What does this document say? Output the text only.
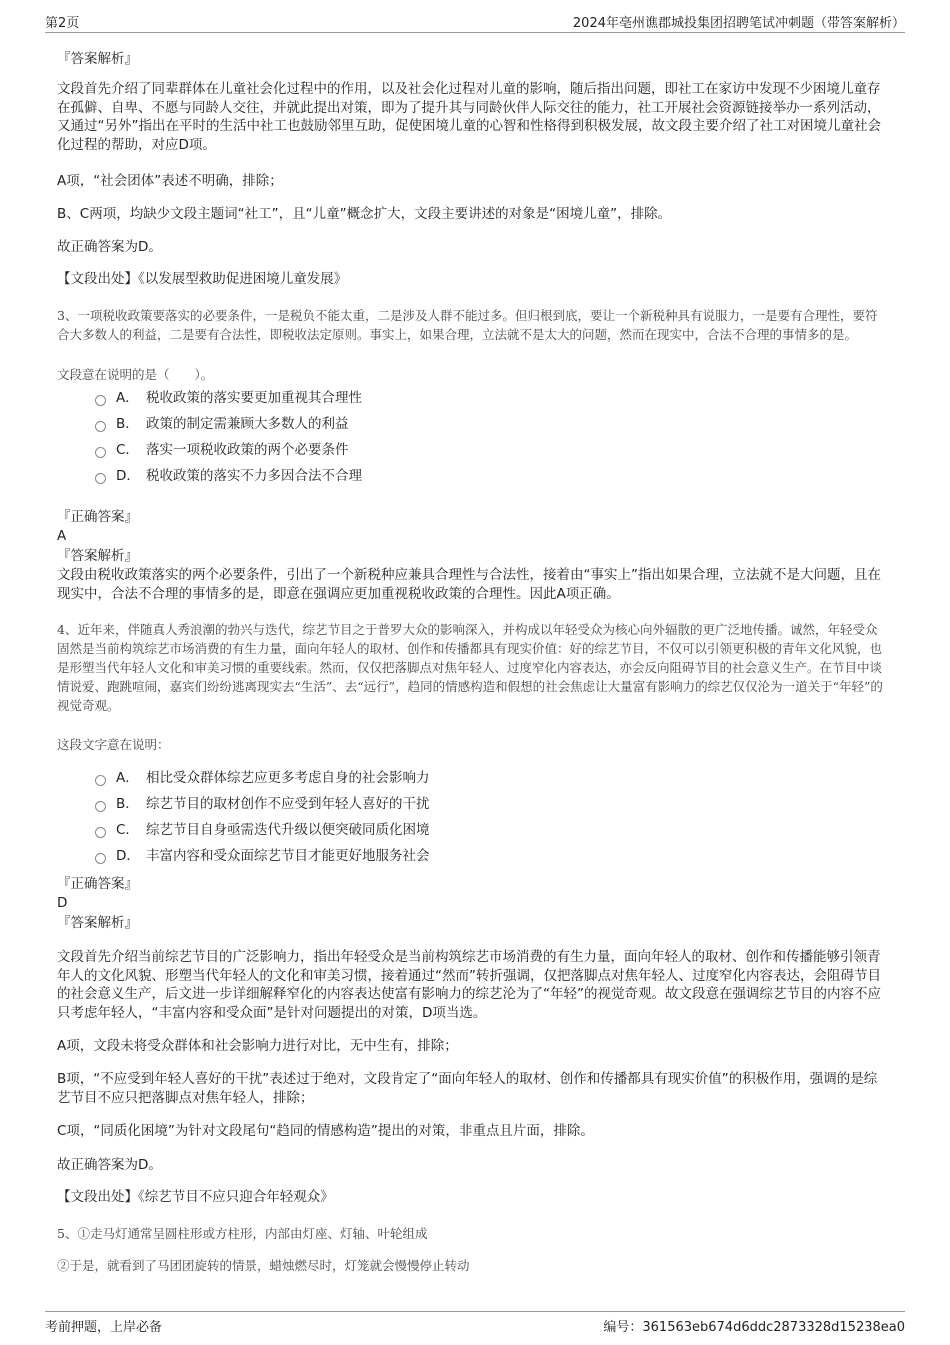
第2页	2024年亳州谯郡城投集团招聘笔试冲刺题（带答案解析）
『答案解析』
文段首先介绍了同辈群体在儿童社会化过程中的作用，以及社会化过程对儿童的影响，随后指出问题，即社工在家访中发现不少困境儿童存在孤僻、自卑、不愿与同龄人交往，并就此提出对策，即为了提升其与同龄伙伴人际交往的能力，社工开展社会资源链接举办一系列活动，又通过“另外”指出在平时的生活中社工也鼓励邻里互助，促使困境儿童的心智和性格得到积极发展，故文段主要介绍了社工对困境儿童社会化过程的帮助，对应D项。
A项，“社会团体”表述不明确，排除；
B、C两项，均缺少文段主题词“社工”，且“儿童”概念扩大，文段主要讲述的对象是“困境儿童”，排除。
故正确答案为D。
【文段出处】《以发展型救助促进困境儿童发展》
3、一项税收政策要落实的必要条件，一是税负不能太重，二是涉及人群不能过多。但归根到底，要让一个新税种具有说服力，一是要有合理性，要符合大多数人的利益，二是要有合法性，即税收法定原则。事实上，如果合理，立法就不是太大的问题，然而在现实中，合法不合理的事情多的是。
文段意在说明的是（　　）。
A． 税收政策的落实要更加重视其合理性
B． 政策的制定需兼顾大多数人的利益
C． 落实一项税收政策的两个必要条件
D． 税收政策的落实不力多因合法不合理
『正确答案』
A
『答案解析』
文段由税收政策落实的两个必要条件，引出了一个新税种应兼具合理性与合法性，接着由“事实上”指出如果合理，立法就不是大问题，且在现实中，合法不合理的事情多的是，即意在强调应更加重视税收政策的合理性。因此A项正确。
4、近年来，伴随真人秀浪潮的勃兴与迭代，综艺节目之于普罗大众的影响深入，并构成以年轻受众为核心向外辐散的更广泛地传播。诚然，年轻受众固然是当前构筑综艺市场消费的有生力量，面向年轻人的取材、创作和传播都具有现实价值：好的综艺节目，不仅可以引领更积极的青年文化风貌，也是形塑当代年轻人文化和审美习惯的重要线索。然而，仅仅把落脚点对焦年轻人、过度窄化内容表达，亦会反向阻碍节目的社会意义生产。在节目中谈情说爱、跑跳喧闹，嘉宾们纷纷逃离现实去“生活”、去“远行”，趋同的情感构造和假想的社会焦虑让大量富有影响力的综艺仅仅沦为一道关于“年轻”的视觉奇观。
这段文字意在说明：
A． 相比受众群体综艺应更多考虑自身的社会影响力
B． 综艺节目的取材创作不应受到年轻人喜好的干扰
C． 综艺节目自身亟需迭代升级以便突破同质化困境
D． 丰富内容和受众面综艺节目才能更好地服务社会
『正确答案』
D
『答案解析』
文段首先介绍当前综艺节目的广泛影响力，指出年轻受众是当前构筑综艺市场消费的有生力量，面向年轻人的取材、创作和传播能够引领青年人的文化风貌、形塑当代年轻人的文化和审美习惯，接着通过“然而”转折强调，仅把落脚点对焦年轻人、过度窄化内容表达，会阻碍节目的社会意义生产，后文进一步详细解释窄化的内容表达使富有影响力的综艺沦为了“年轻”的视觉奇观。故文段意在强调综艺节目的内容不应只考虑年轻人，“丰富内容和受众面”是针对问题提出的对策，D项当选。
A项，文段未将受众群体和社会影响力进行对比，无中生有，排除；
B项，“不应受到年轻人喜好的干扰”表述过于绝对，文段肯定了“面向年轻人的取材、创作和传播都具有现实价值”的积极作用，强调的是综艺节目不应只把落脚点对焦年轻人，排除；
C项，“同质化困境”为针对文段尾句“趋同的情感构造”提出的对策，非重点且片面，排除。
故正确答案为D。
【文段出处】《综艺节目不应只迎合年轻观众》
5、①走马灯通常呈圆柱形或方柱形，内部由灯座、灯轴、叶轮组成
②于是，就看到了马团团旋转的情景，蜡烛燃尽时，灯笼就会慢慢停止转动
考前押题，上岸必备	编号：361563eb674d6ddc2873328d15238ea0
